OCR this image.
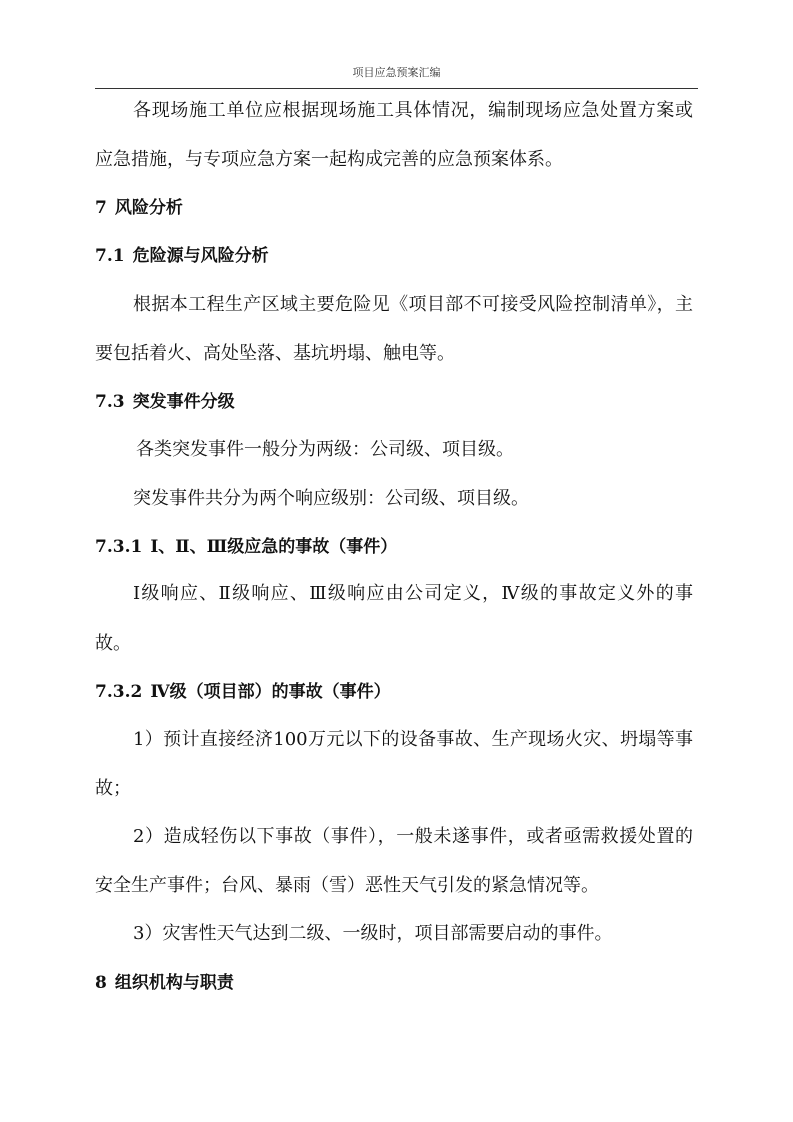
项目应急预案汇编
各现场施工单位应根据现场施工具体情况，编制现场应急处置方案或
应急措施，与专项应急方案一起构成完善的应急预案体系。
7 风险分析
7.1 危险源与风险分析
根据本工程生产区域主要危险见《项目部不可接受风险控制清单》，主
要包括着火、高处坠落、基坑坍塌、触电等。
7.3 突发事件分级
各类突发事件一般分为两级：公司级、项目级。
突发事件共分为两个响应级别：公司级、项目级。
7.3.1 Ⅰ、Ⅱ、Ⅲ级应急的事故（事件）
Ⅰ级响应、Ⅱ级响应、Ⅲ级响应由公司定义，Ⅳ级的事故定义外的事
故。
7.3.2 Ⅳ级（项目部）的事故（事件）
1）预计直接经济100万元以下的设备事故、生产现场火灾、坍塌等事
故；
2）造成轻伤以下事故（事件），一般未遂事件，或者亟需救援处置的
安全生产事件；台风、暴雨（雪）恶性天气引发的紧急情况等。
3）灾害性天气达到二级、一级时，项目部需要启动的事件。
8 组织机构与职责
